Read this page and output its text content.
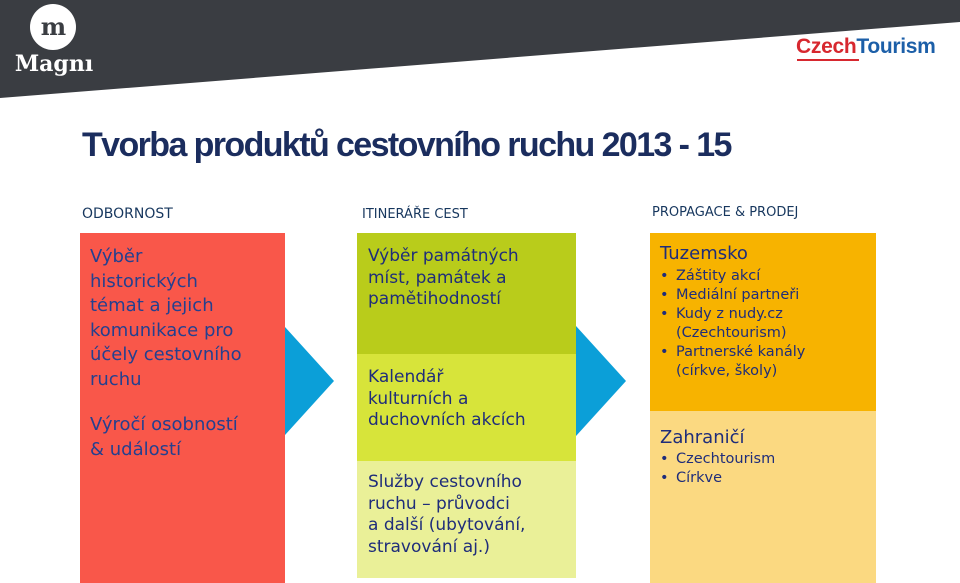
m
Magnı
CzechTourism
Tvorba produktů cestovního ruchu 2013 - 15
ODBORNOST	ITINERÁŘE CEST	PROPAGACE & PRODEJ
Výběr
historických
témat a jejich
komunikace pro
účely cestovního
ruchu
Výročí osobností
& událostí
Výběr památných
míst, památek a
pamětihodností
Kalendář
kulturních a
duchovních akcích
Služby cestovního
ruchu – průvodci
a další (ubytování,
stravování aj.)
Tuzemsko
• Záštity akcí
• Mediální partneři
• Kudy z nudy.cz
(Czechtourism)
• Partnerské kanály
(církve, školy)
Zahraničí
• Czechtourism
• Církve
